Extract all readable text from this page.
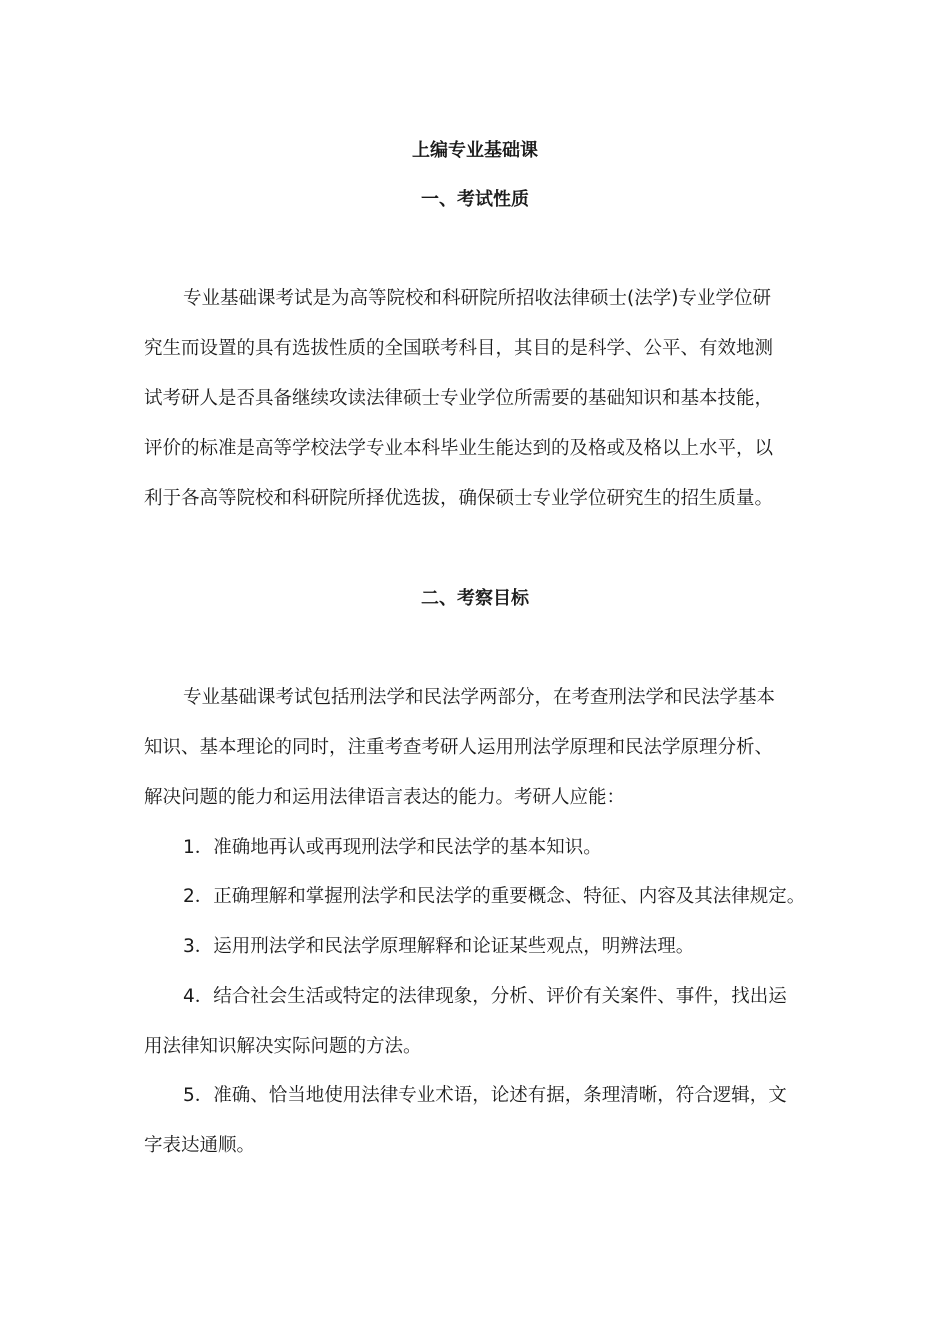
上编专业基础课
一、考试性质
专业基础课考试是为高等院校和科研院所招收法律硕士(法学)专业学位研
究生而设置的具有选拔性质的全国联考科目，其目的是科学、公平、有效地测
试考研人是否具备继续攻读法律硕士专业学位所需要的基础知识和基本技能，
评价的标准是高等学校法学专业本科毕业生能达到的及格或及格以上水平，以
利于各高等院校和科研院所择优选拔，确保硕士专业学位研究生的招生质量。
二、考察目标
专业基础课考试包括刑法学和民法学两部分，在考查刑法学和民法学基本
知识、基本理论的同时，注重考查考研人运用刑法学原理和民法学原理分析、
解决问题的能力和运用法律语言表达的能力。考研人应能：
1．准确地再认或再现刑法学和民法学的基本知识。
2．正确理解和掌握刑法学和民法学的重要概念、特征、内容及其法律规定。
3．运用刑法学和民法学原理解释和论证某些观点，明辨法理。
4．结合社会生活或特定的法律现象，分析、评价有关案件、事件，找出运
用法律知识解决实际问题的方法。
5．准确、恰当地使用法律专业术语，论述有据，条理清晰，符合逻辑，文
字表达通顺。
